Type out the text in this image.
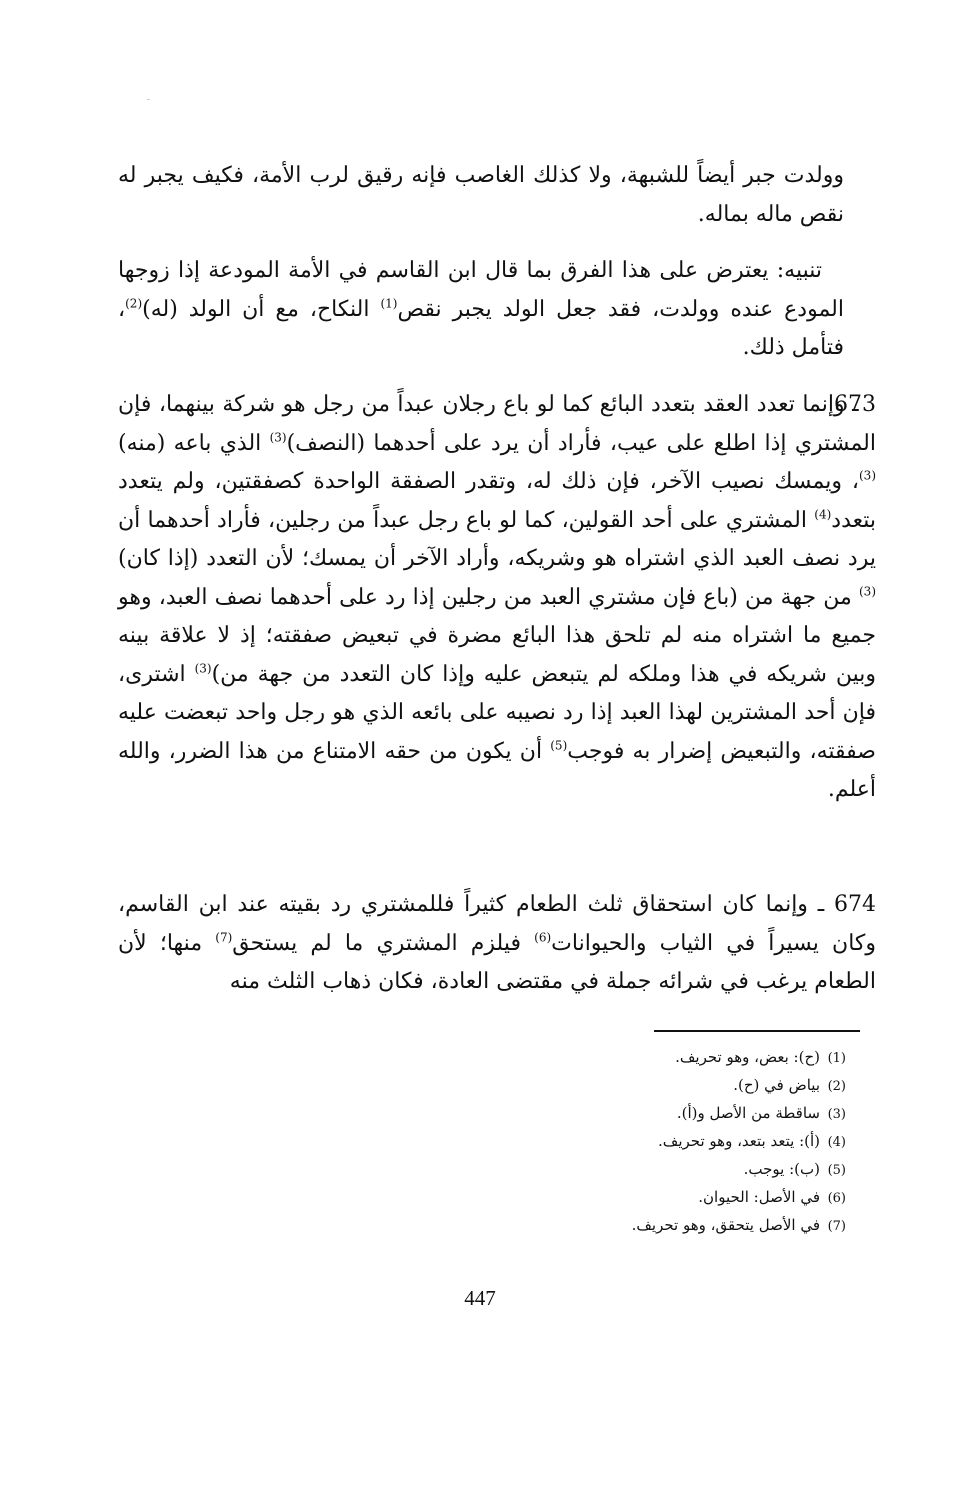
وولدت جبر أيضاً للشبهة، ولا كذلك الغاصب فإنه رقيق لرب الأمة، فكيف يجبر له نقص ماله بماله.

تنبيه: يعترض على هذا الفرق بما قال ابن القاسم في الأمة المودعة إذا زوجها المودع عنده وولدت، فقد جعل الولد يجبر نقص$^{(1)}$ النكاح، مع أن الولد (له)$^{(2)}$، فتأمل ذلك.

673 ـ وإنما تعدد العقد بتعدد البائع كما لو باع رجلان عبداً من رجل هو شركة بينهما، فإن المشتري إذا اطلع على عيب، فأراد أن يرد على أحدهما (النصف)$^{(3)}$ الذي باعه (منه)$^{(3)}$، ويمسك نصيب الآخر، فإن ذلك له، وتقدر الصفقة الواحدة كصفقتين، ولم يتعدد بتعدد$^{(4)}$ المشتري على أحد القولين، كما لو باع رجل عبداً من رجلين، فأراد أحدهما أن يرد نصف العبد الذي اشتراه هو وشريكه، وأراد الآخر أن يمسك؛ لأن التعدد (إذا كان)$^{(3)}$ من جهة من (باع فإن مشتري العبد من رجلين إذا رد على أحدهما نصف العبد، وهو جميع ما اشتراه منه لم تلحق هذا البائع مضرة في تبعيض صفقته؛ إذ لا علاقة بينه وبين شريكه في هذا وملكه لم يتبعض عليه وإذا كان التعدد من جهة من)$^{(3)}$ اشترى، فإن أحد المشترين لهذا العبد إذا رد نصيبه على بائعه الذي هو رجل واحد تبعضت عليه صفقته، والتبعيض إضرار به فوجب$^{(5)}$ أن يكون من حقه الامتناع من هذا الضرر، والله أعلم.

674 ـ وإنما كان استحقاق ثلث الطعام كثيراً فللمشتري رد بقيته عند ابن القاسم، وكان يسيراً في الثياب والحيوانات$^{(6)}$ فيلزم المشتري ما لم يستحق$^{(7)}$ منها؛ لأن الطعام يرغب في شرائه جملة في مقتضى العادة، فكان ذهاب الثلث منه

(1)(ح): بعض، وهو تحريف.
(2)بياض في (ح).
(3)ساقطة من الأصل و(أ).
(4)(أ): يتعد بتعد، وهو تحريف.
(5)(ب): يوجب.
(6)في الأصل: الحيوان.
(7)في الأصل يتحقق، وهو تحريف.
447
